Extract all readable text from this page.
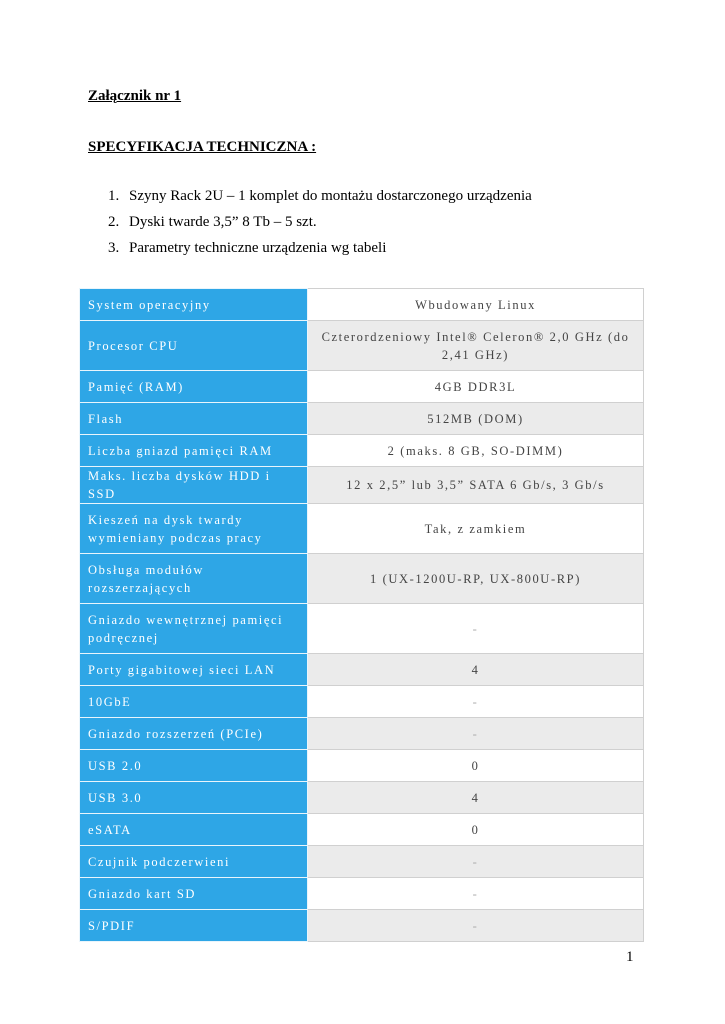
Załącznik nr 1
SPECYFIKACJA TECHNICZNA :
1. Szyny Rack 2U – 1 komplet do montażu dostarczonego urządzenia
2. Dyski twarde 3,5” 8 Tb – 5 szt.
3. Parametry techniczne urządzenia wg tabeli
System operacyjny	Wbudowany Linux
Procesor CPU	Czterordzeniowy Intel® Celeron® 2,0 GHz (do 2,41 GHz)
Pamięć (RAM)	4GB DDR3L
Flash	512MB (DOM)
Liczba gniazd pamięci RAM	2 (maks. 8 GB, SO-DIMM)
Maks. liczba dysków HDD i SSD	12 x 2,5” lub 3,5” SATA 6 Gb/s, 3 Gb/s
Kieszeń na dysk twardy wymieniany podczas pracy	Tak, z zamkiem
Obsługa modułów rozszerzających	1 (UX-1200U-RP, UX-800U-RP)
Gniazdo wewnętrznej pamięci podręcznej	-
Porty gigabitowej sieci LAN	4
10GbE	-
Gniazdo rozszerzeń (PCIe)	-
USB 2.0	0
USB 3.0	4
eSATA	0
Czujnik podczerwieni	-
Gniazdo kart SD	-
S/PDIF	-
1
